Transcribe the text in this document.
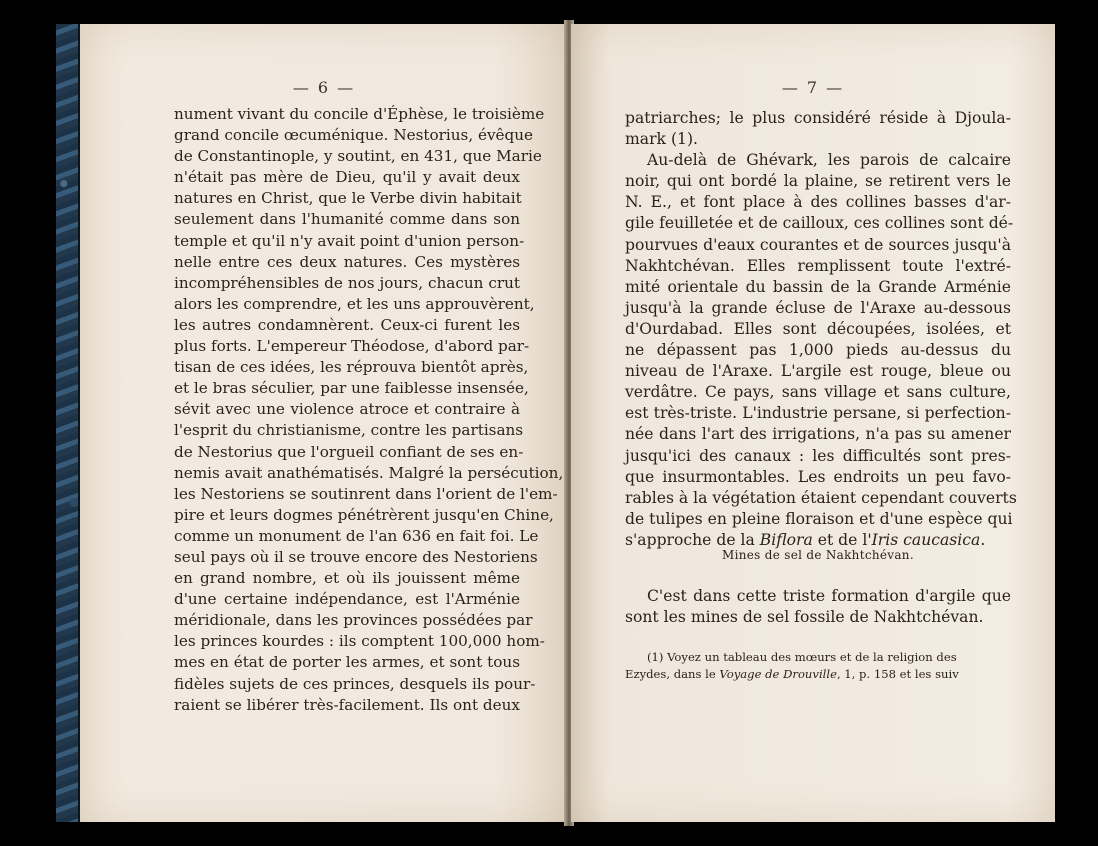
— 6 —
nument vivant du concile d'Éphèse, le troisième
grand concile œcuménique. Nestorius, évêque
de Constantinople, y soutint, en 431, que Marie
n'était pas mère de Dieu, qu'il y avait deux
natures en Christ, que le Verbe divin habitait
seulement dans l'humanité comme dans son
temple et qu'il n'y avait point d'union person-
nelle entre ces deux natures. Ces mystères
incompréhensibles de nos jours, chacun crut
alors les comprendre, et les uns approuvèrent,
les autres condamnèrent. Ceux-ci furent les
plus forts. L'empereur Théodose, d'abord par-
tisan de ces idées, les réprouva bientôt après,
et le bras séculier, par une faiblesse insensée,
sévit avec une violence atroce et contraire à
l'esprit du christianisme, contre les partisans
de Nestorius que l'orgueil confiant de ses en-
nemis avait anathématisés. Malgré la persécution,
les Nestoriens se soutinrent dans l'orient de l'em-
pire et leurs dogmes pénétrèrent jusqu'en Chine,
comme un monument de l'an 636 en fait foi. Le
seul pays où il se trouve encore des Nestoriens
en grand nombre, et où ils jouissent même
d'une certaine indépendance, est l'Arménie
méridionale, dans les provinces possédées par
les princes kourdes : ils comptent 100,000 hom-
mes en état de porter les armes, et sont tous
fidèles sujets de ces princes, desquels ils pour-
raient se libérer très-facilement. Ils ont deux
— 7 —
patriarches; le plus considéré réside à Djoula-
mark (1).
Au-delà de Ghévark, les parois de calcaire
noir, qui ont bordé la plaine, se retirent vers le
N. E., et font place à des collines basses d'ar-
gile feuilletée et de cailloux, ces collines sont dé-
pourvues d'eaux courantes et de sources jusqu'à
Nakhtchévan. Elles remplissent toute l'extré-
mité orientale du bassin de la Grande Arménie
jusqu'à la grande écluse de l'Araxe au-dessous
d'Ourdabad. Elles sont découpées, isolées, et
ne dépassent pas 1,000 pieds au-dessus du
niveau de l'Araxe. L'argile est rouge, bleue ou
verdâtre. Ce pays, sans village et sans culture,
est très-triste. L'industrie persane, si perfection-
née dans l'art des irrigations, n'a pas su amener
jusqu'ici des canaux : les difficultés sont pres-
que insurmontables. Les endroits un peu favo-
rables à la végétation étaient cependant couverts
de tulipes en pleine floraison et d'une espèce qui
s'approche de la Biflora et de l'Iris caucasica.
Mines de sel de Nakhtchévan.
C'est dans cette triste formation d'argile que
sont les mines de sel fossile de Nakhtchévan.
(1) Voyez un tableau des mœurs et de la religion des
Ezydes, dans le Voyage de Drouville, 1, p. 158 et les suiv
